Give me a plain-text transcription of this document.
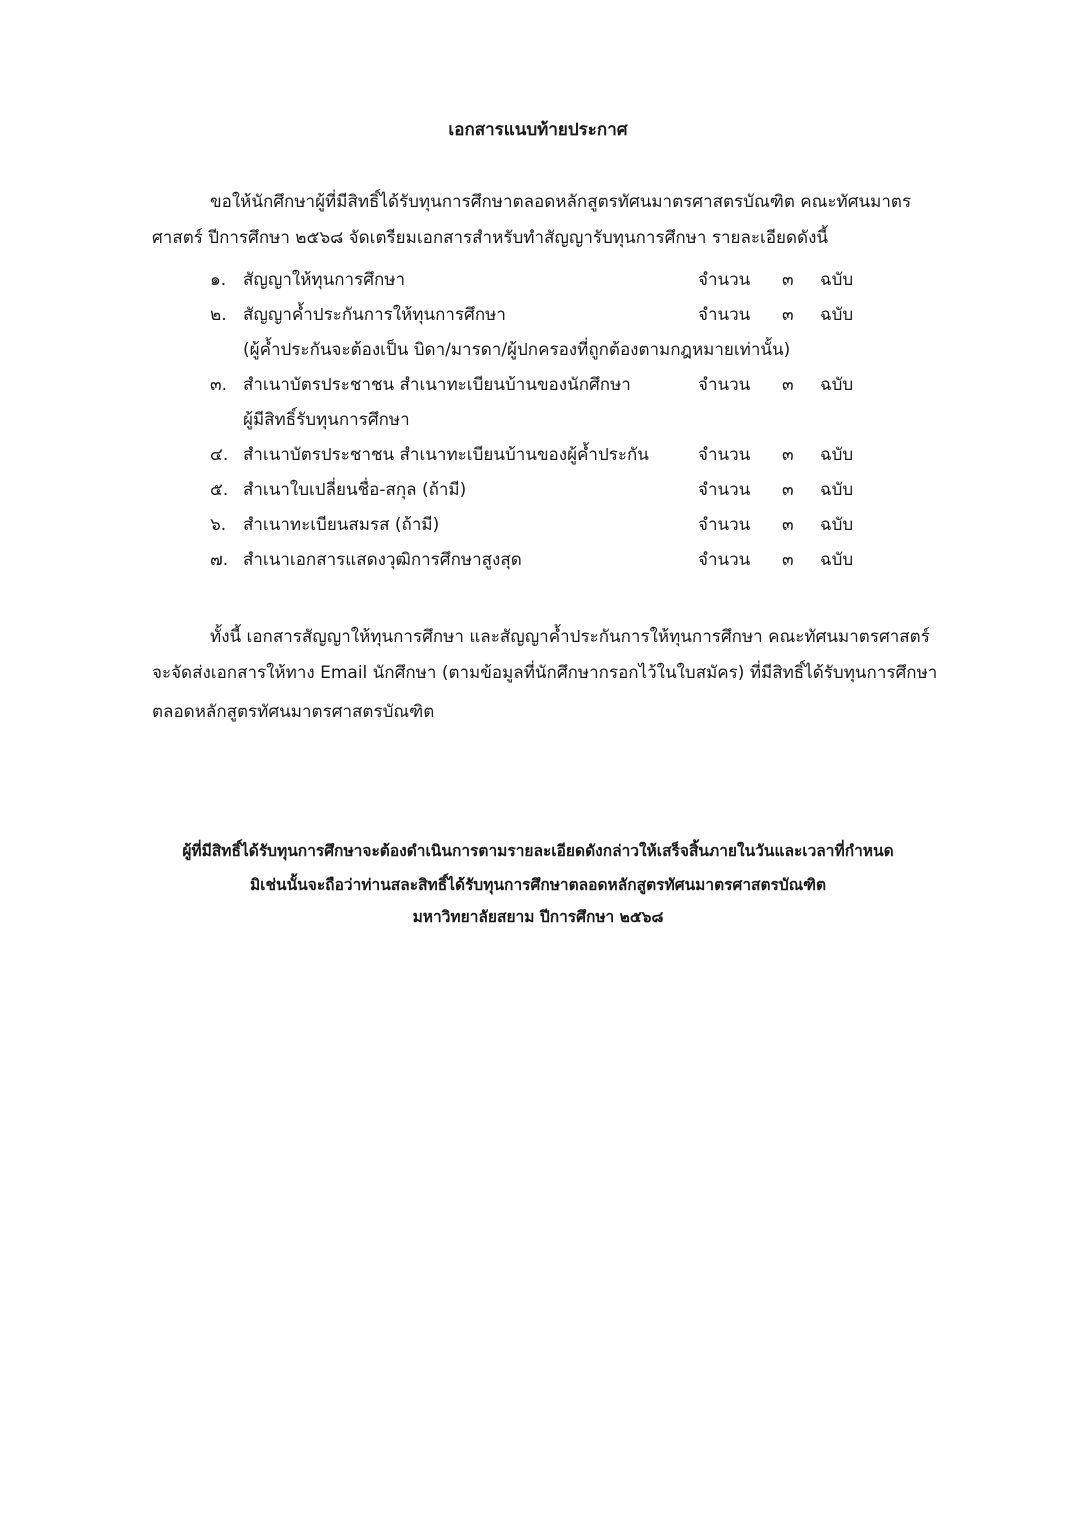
เอกสารแนบท้ายประกาศ
ขอให้นักศึกษาผู้ที่มีสิทธิ์ได้รับทุนการศึกษาตลอดหลักสูตรทัศนมาตรศาสตรบัณฑิต คณะทัศนมาตร
ศาสตร์ ปีการศึกษา ๒๕๖๘ จัดเตรียมเอกสารสำหรับทำสัญญารับทุนการศึกษา รายละเอียดดังนี้
๑. สัญญาให้ทุนการศึกษา	จำนวน ๓ ฉบับ
๒. สัญญาค้ำประกันการให้ทุนการศึกษา	จำนวน ๓ ฉบับ
(ผู้ค้ำประกันจะต้องเป็น บิดา/มารดา/ผู้ปกครองที่ถูกต้องตามกฎหมายเท่านั้น)
๓. สำเนาบัตรประชาชน สำเนาทะเบียนบ้านของนักศึกษา	จำนวน ๓ ฉบับ
ผู้มีสิทธิ์รับทุนการศึกษา
๔. สำเนาบัตรประชาชน สำเนาทะเบียนบ้านของผู้ค้ำประกัน	จำนวน ๓ ฉบับ
๕. สำเนาใบเปลี่ยนชื่อ-สกุล (ถ้ามี)	จำนวน ๓ ฉบับ
๖. สำเนาทะเบียนสมรส (ถ้ามี)	จำนวน ๓ ฉบับ
๗. สำเนาเอกสารแสดงวุฒิการศึกษาสูงสุด	จำนวน ๓ ฉบับ
ทั้งนี้ เอกสารสัญญาให้ทุนการศึกษา และสัญญาค้ำประกันการให้ทุนการศึกษา คณะทัศนมาตรศาสตร์
จะจัดส่งเอกสารให้ทาง Email นักศึกษา (ตามข้อมูลที่นักศึกษากรอกไว้ในใบสมัคร) ที่มีสิทธิ์ได้รับทุนการศึกษา
ตลอดหลักสูตรทัศนมาตรศาสตรบัณฑิต
ผู้ที่มีสิทธิ์ได้รับทุนการศึกษาจะต้องดำเนินการตามรายละเอียดดังกล่าวให้เสร็จสิ้นภายในวันและเวลาที่กำหนด
มิเช่นนั้นจะถือว่าท่านสละสิทธิ์ได้รับทุนการศึกษาตลอดหลักสูตรทัศนมาตรศาสตรบัณฑิต
มหาวิทยาลัยสยาม ปีการศึกษา ๒๕๖๘
